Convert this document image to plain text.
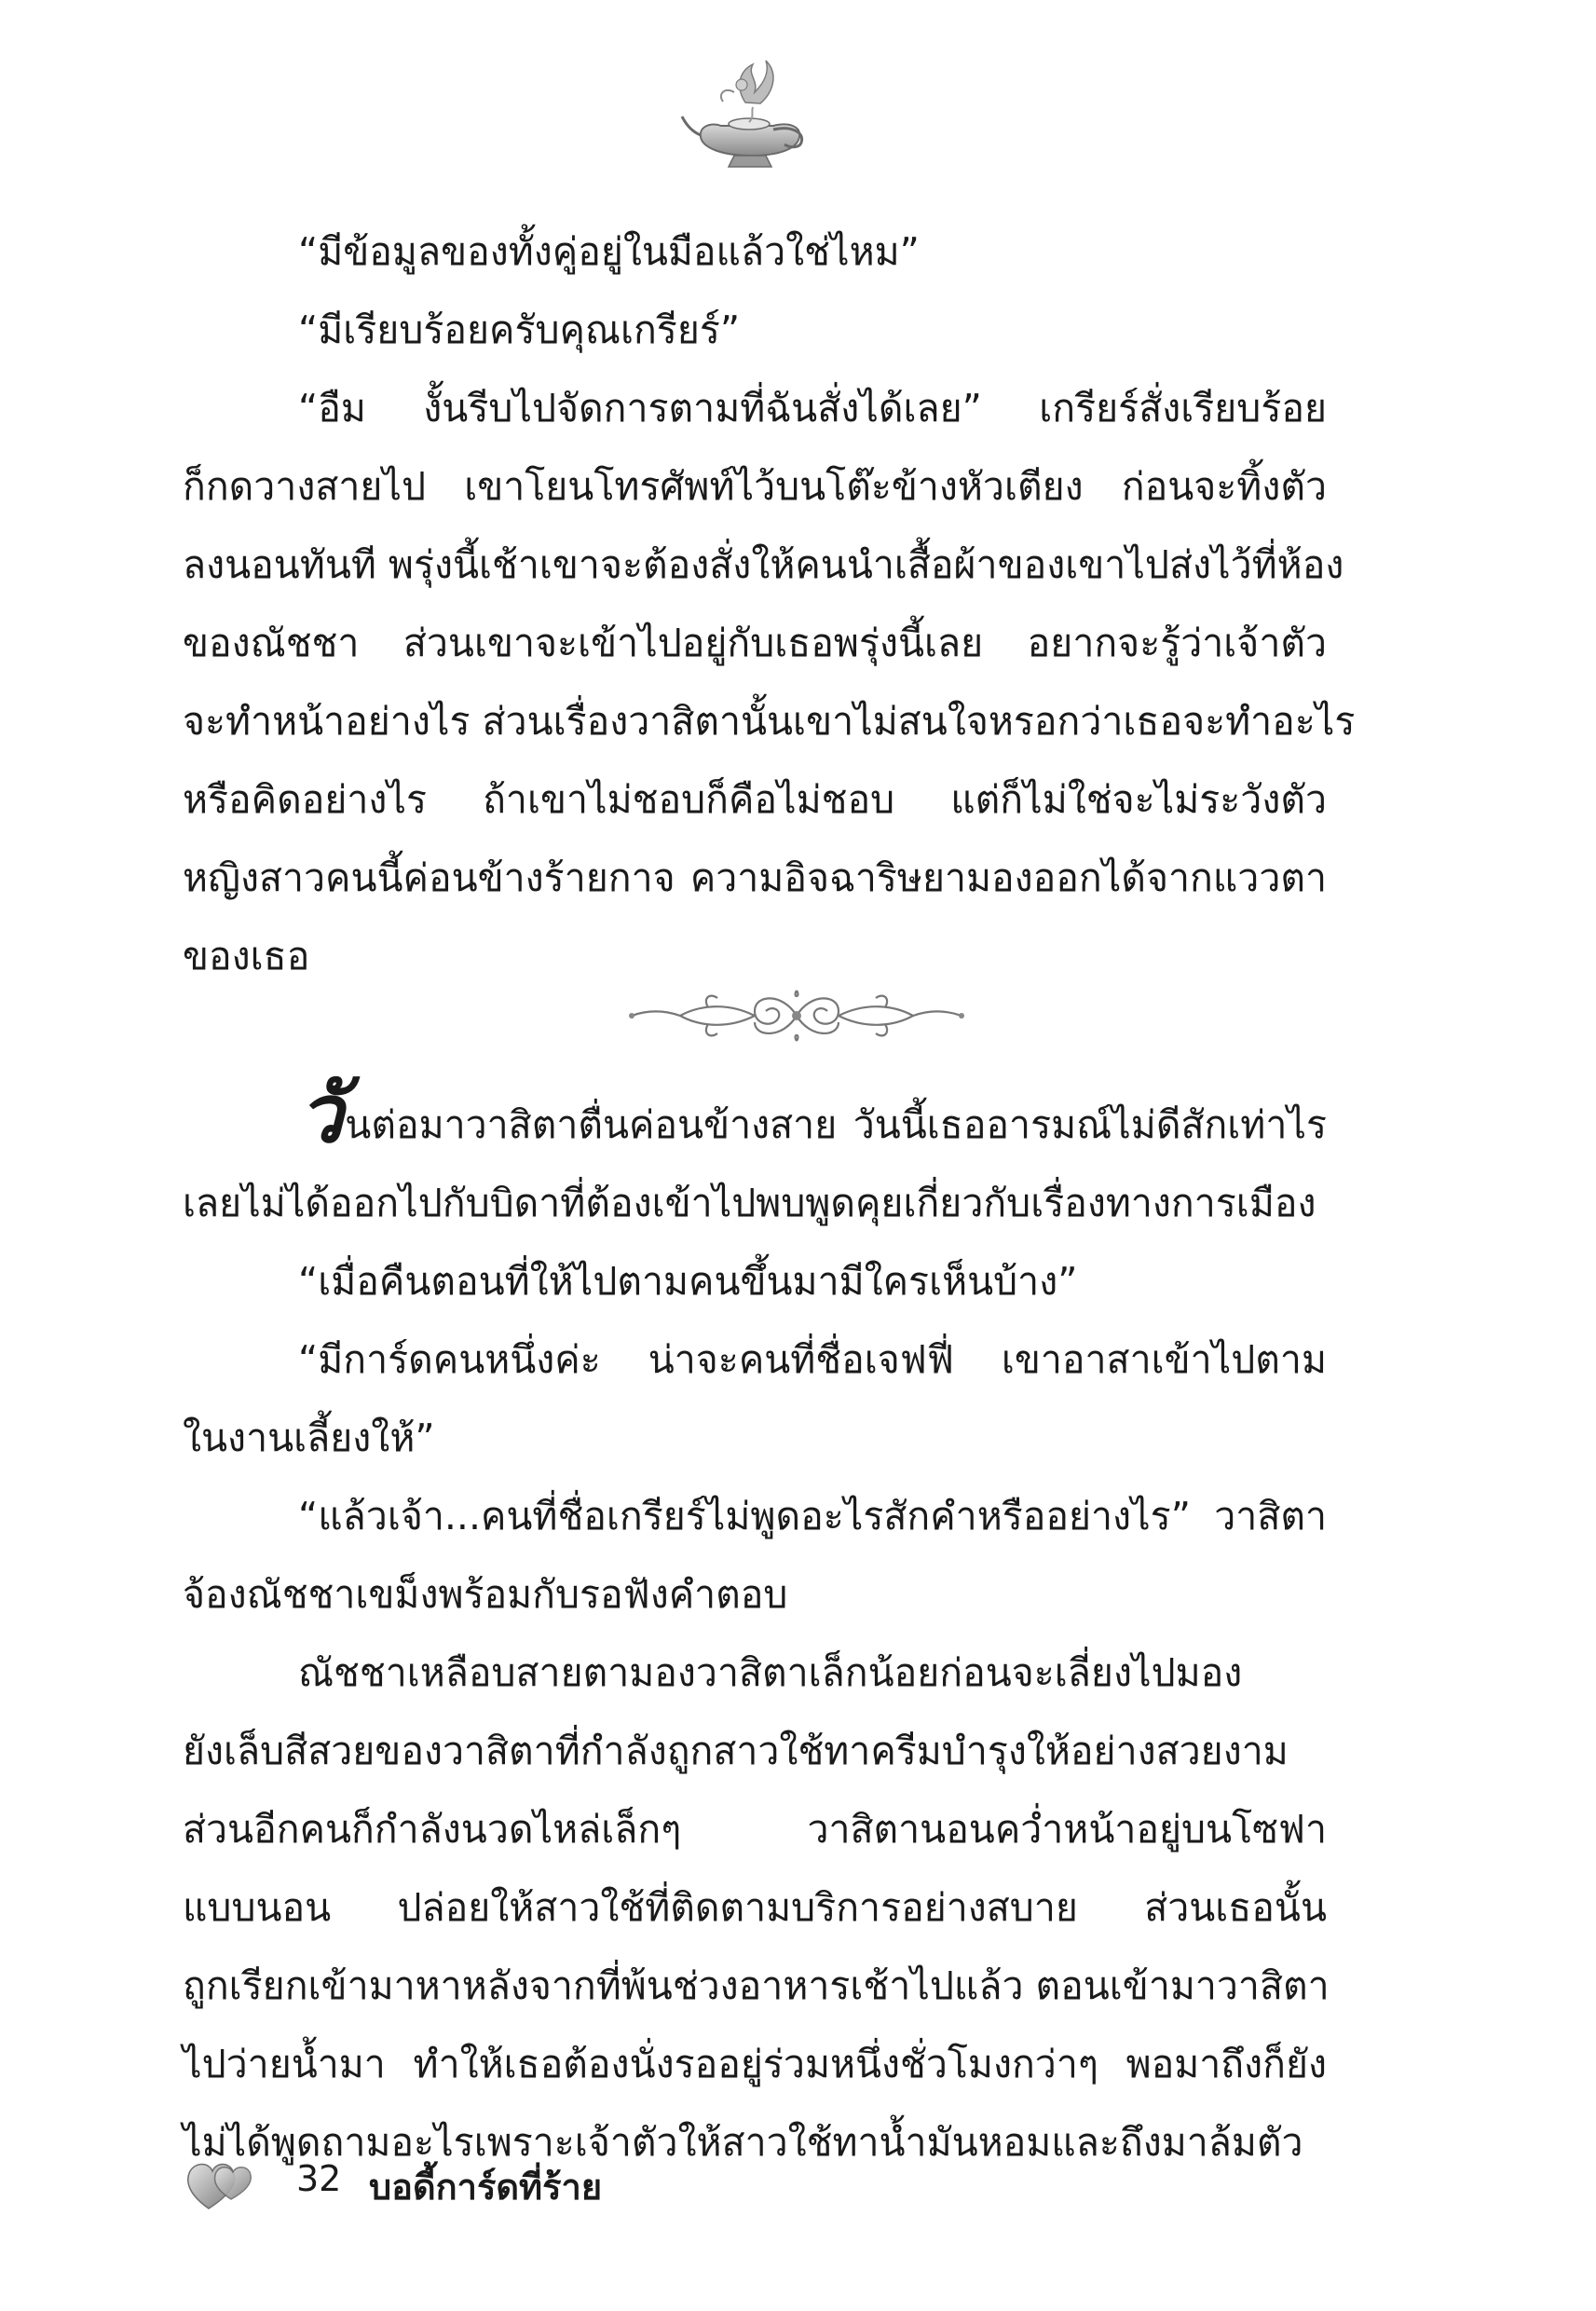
“มีข้อมูลของทั้งคู่อยู่ในมือแล้วใช่ไหม”
“มีเรียบร้อยครับคุณเกรียร์”
“อืม งั้นรีบไปจัดการตามที่ฉันสั่งได้เลย” เกรียร์สั่งเรียบร้อย
ก็กดวางสายไป เขาโยนโทรศัพท์ไว้บนโต๊ะข้างหัวเตียง ก่อนจะทิ้งตัว
ลงนอนทันที พรุ่งนี้เช้าเขาจะต้องสั่งให้คนนำเสื้อผ้าของเขาไปส่งไว้ที่ห้อง
ของณัชชา ส่วนเขาจะเข้าไปอยู่กับเธอพรุ่งนี้เลย อยากจะรู้ว่าเจ้าตัว
จะทำหน้าอย่างไร ส่วนเรื่องวาสิตานั้นเขาไม่สนใจหรอกว่าเธอจะทำอะไร
หรือคิดอย่างไร ถ้าเขาไม่ชอบก็คือไม่ชอบ แต่ก็ไม่ใช่จะไม่ระวังตัว
หญิงสาวคนนี้ค่อนข้างร้ายกาจ ความอิจฉาริษยามองออกได้จากแววตา
ของเธอ
วันต่อมาวาสิตาตื่นค่อนข้างสาย วันนี้เธออารมณ์ไม่ดีสักเท่าไร
เลยไม่ได้ออกไปกับบิดาที่ต้องเข้าไปพบพูดคุยเกี่ยวกับเรื่องทางการเมือง
“เมื่อคืนตอนที่ให้ไปตามคนขึ้นมามีใครเห็นบ้าง”
“มีการ์ดคนหนึ่งค่ะ น่าจะคนที่ชื่อเจฟฟี่ เขาอาสาเข้าไปตาม
ในงานเลี้ยงให้”
“แล้วเจ้า...คนที่ชื่อเกรียร์ไม่พูดอะไรสักคำหรืออย่างไร” วาสิตา
จ้องณัชชาเขม็งพร้อมกับรอฟังคำตอบ
ณัชชาเหลือบสายตามองวาสิตาเล็กน้อยก่อนจะเลี่ยงไปมอง
ยังเล็บสีสวยของวาสิตาที่กำลังถูกสาวใช้ทาครีมบำรุงให้อย่างสวยงาม
ส่วนอีกคนก็กำลังนวดไหล่เล็กๆ วาสิตานอนคว่ำหน้าอยู่บนโซฟา
แบบนอน ปล่อยให้สาวใช้ที่ติดตามบริการอย่างสบาย ส่วนเธอนั้น
ถูกเรียกเข้ามาหาหลังจากที่พ้นช่วงอาหารเช้าไปแล้ว ตอนเข้ามาวาสิตา
ไปว่ายน้ำมา ทำให้เธอต้องนั่งรออยู่ร่วมหนึ่งชั่วโมงกว่าๆ พอมาถึงก็ยัง
ไม่ได้พูดถามอะไรเพราะเจ้าตัวให้สาวใช้ทาน้ำมันหอมและถึงมาล้มตัว
32 บอดี้การ์ดที่ร้าย
